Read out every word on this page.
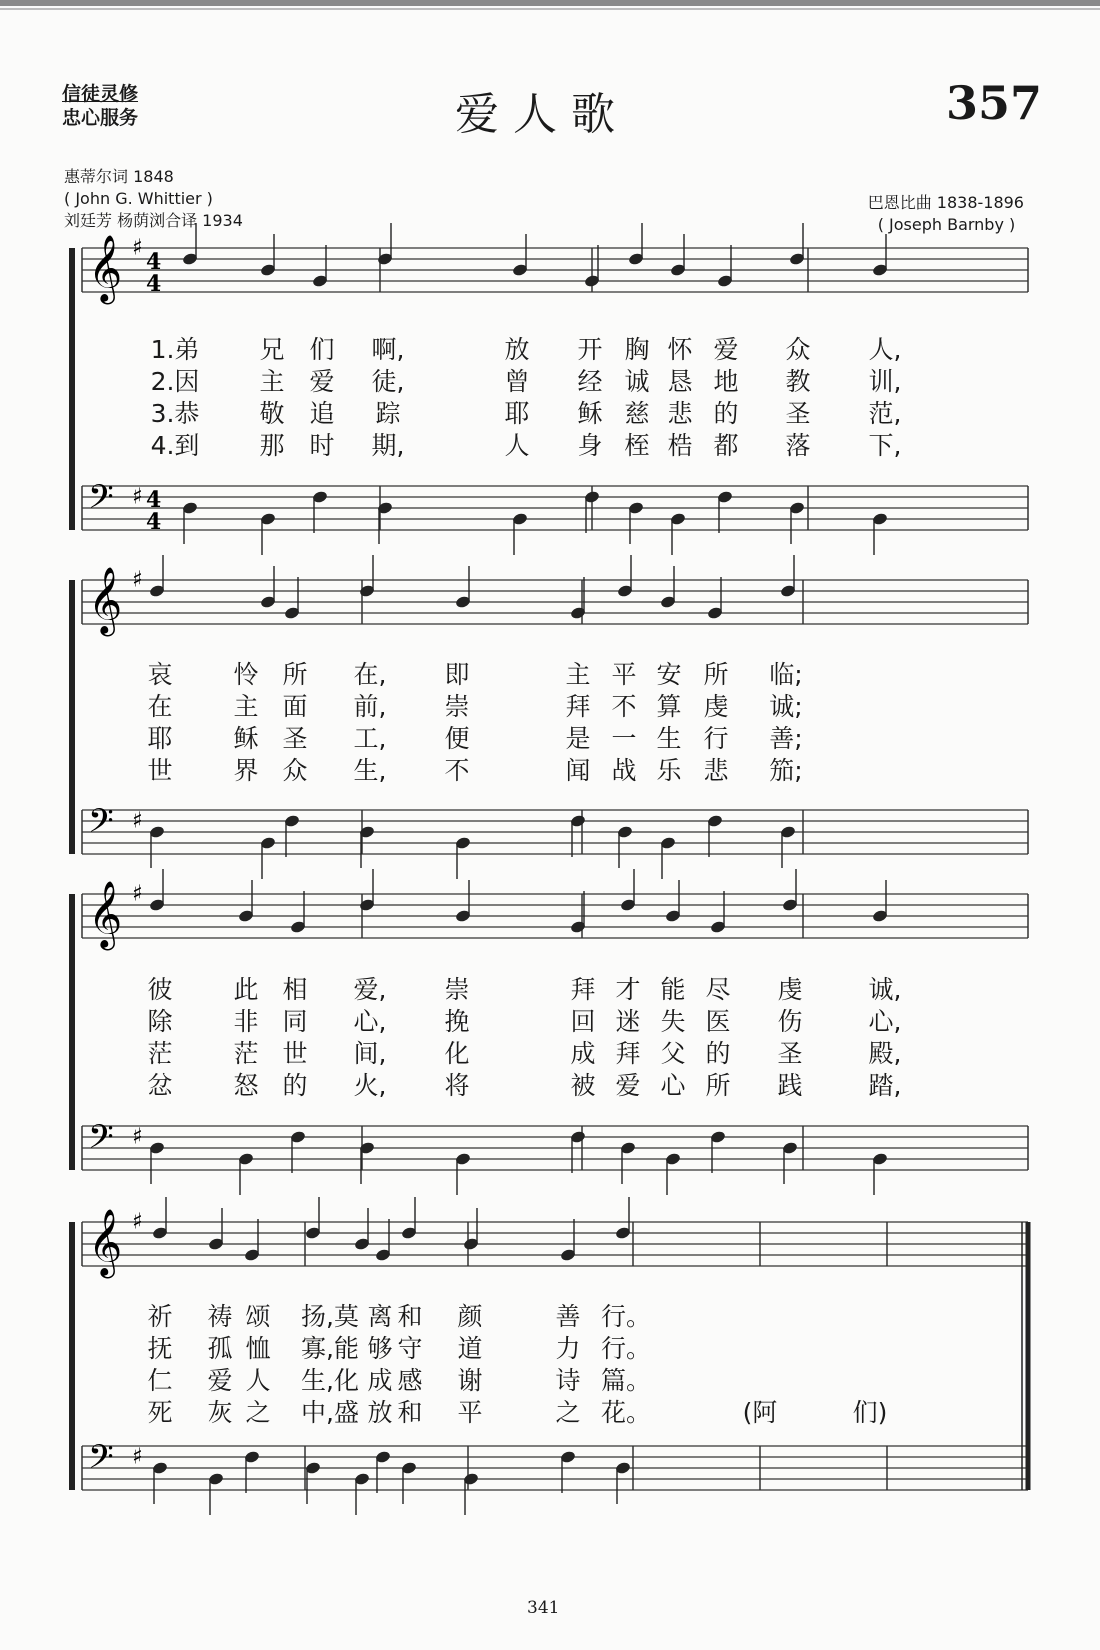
信徒灵修
忠心服务	爱人歌	357
惠蒂尔词 1848
( John G. Whittier )
刘廷芳 杨荫浏合译 1934
巴恩比曲 1838-1896
( Joseph Barnby )
𝄞 ♯
4
4
𝄢 ♯ 4
4
𝄞 ♯
𝄢 ♯
𝄞 ♯
𝄢 ♯
𝄞 ♯
𝄢 ♯
1.弟 兄 们 啊,	放 开 胸 怀 爱 众 人,
2.因 主 爱 徒,	曾 经 诚 恳 地 教 训,
3.恭 敬 追 踪	耶 稣 慈 悲 的 圣 范,
4.到 那 时 期,	人 身 桎 梏 都 落 下,
哀 怜 所 在, 即	主 平 安 所 临;
在 主 面 前, 崇	拜 不 算 虔 诚;
耶 稣 圣 工, 便	是 一 生 行 善;
世 界 众 生, 不	闻 战 乐 悲 笳;
彼 此 相 爱, 崇	拜 才 能 尽 虔	诚,
除 非 同 心, 挽	回 迷 失 医 伤	心,
茫 茫 世 间, 化	成 拜 父 的 圣	殿,
忿 怒 的 火, 将	被 爱 心 所 践	踏,
祈 祷 颂 扬,莫 离 和 颜	善 行。
抚 孤 恤 寡,能 够 守 道	力 行。
仁 爱 人 生,化 成 感 谢	诗 篇。
死 灰 之 中,盛 放 和 平	之 花。	(阿	们)
341
